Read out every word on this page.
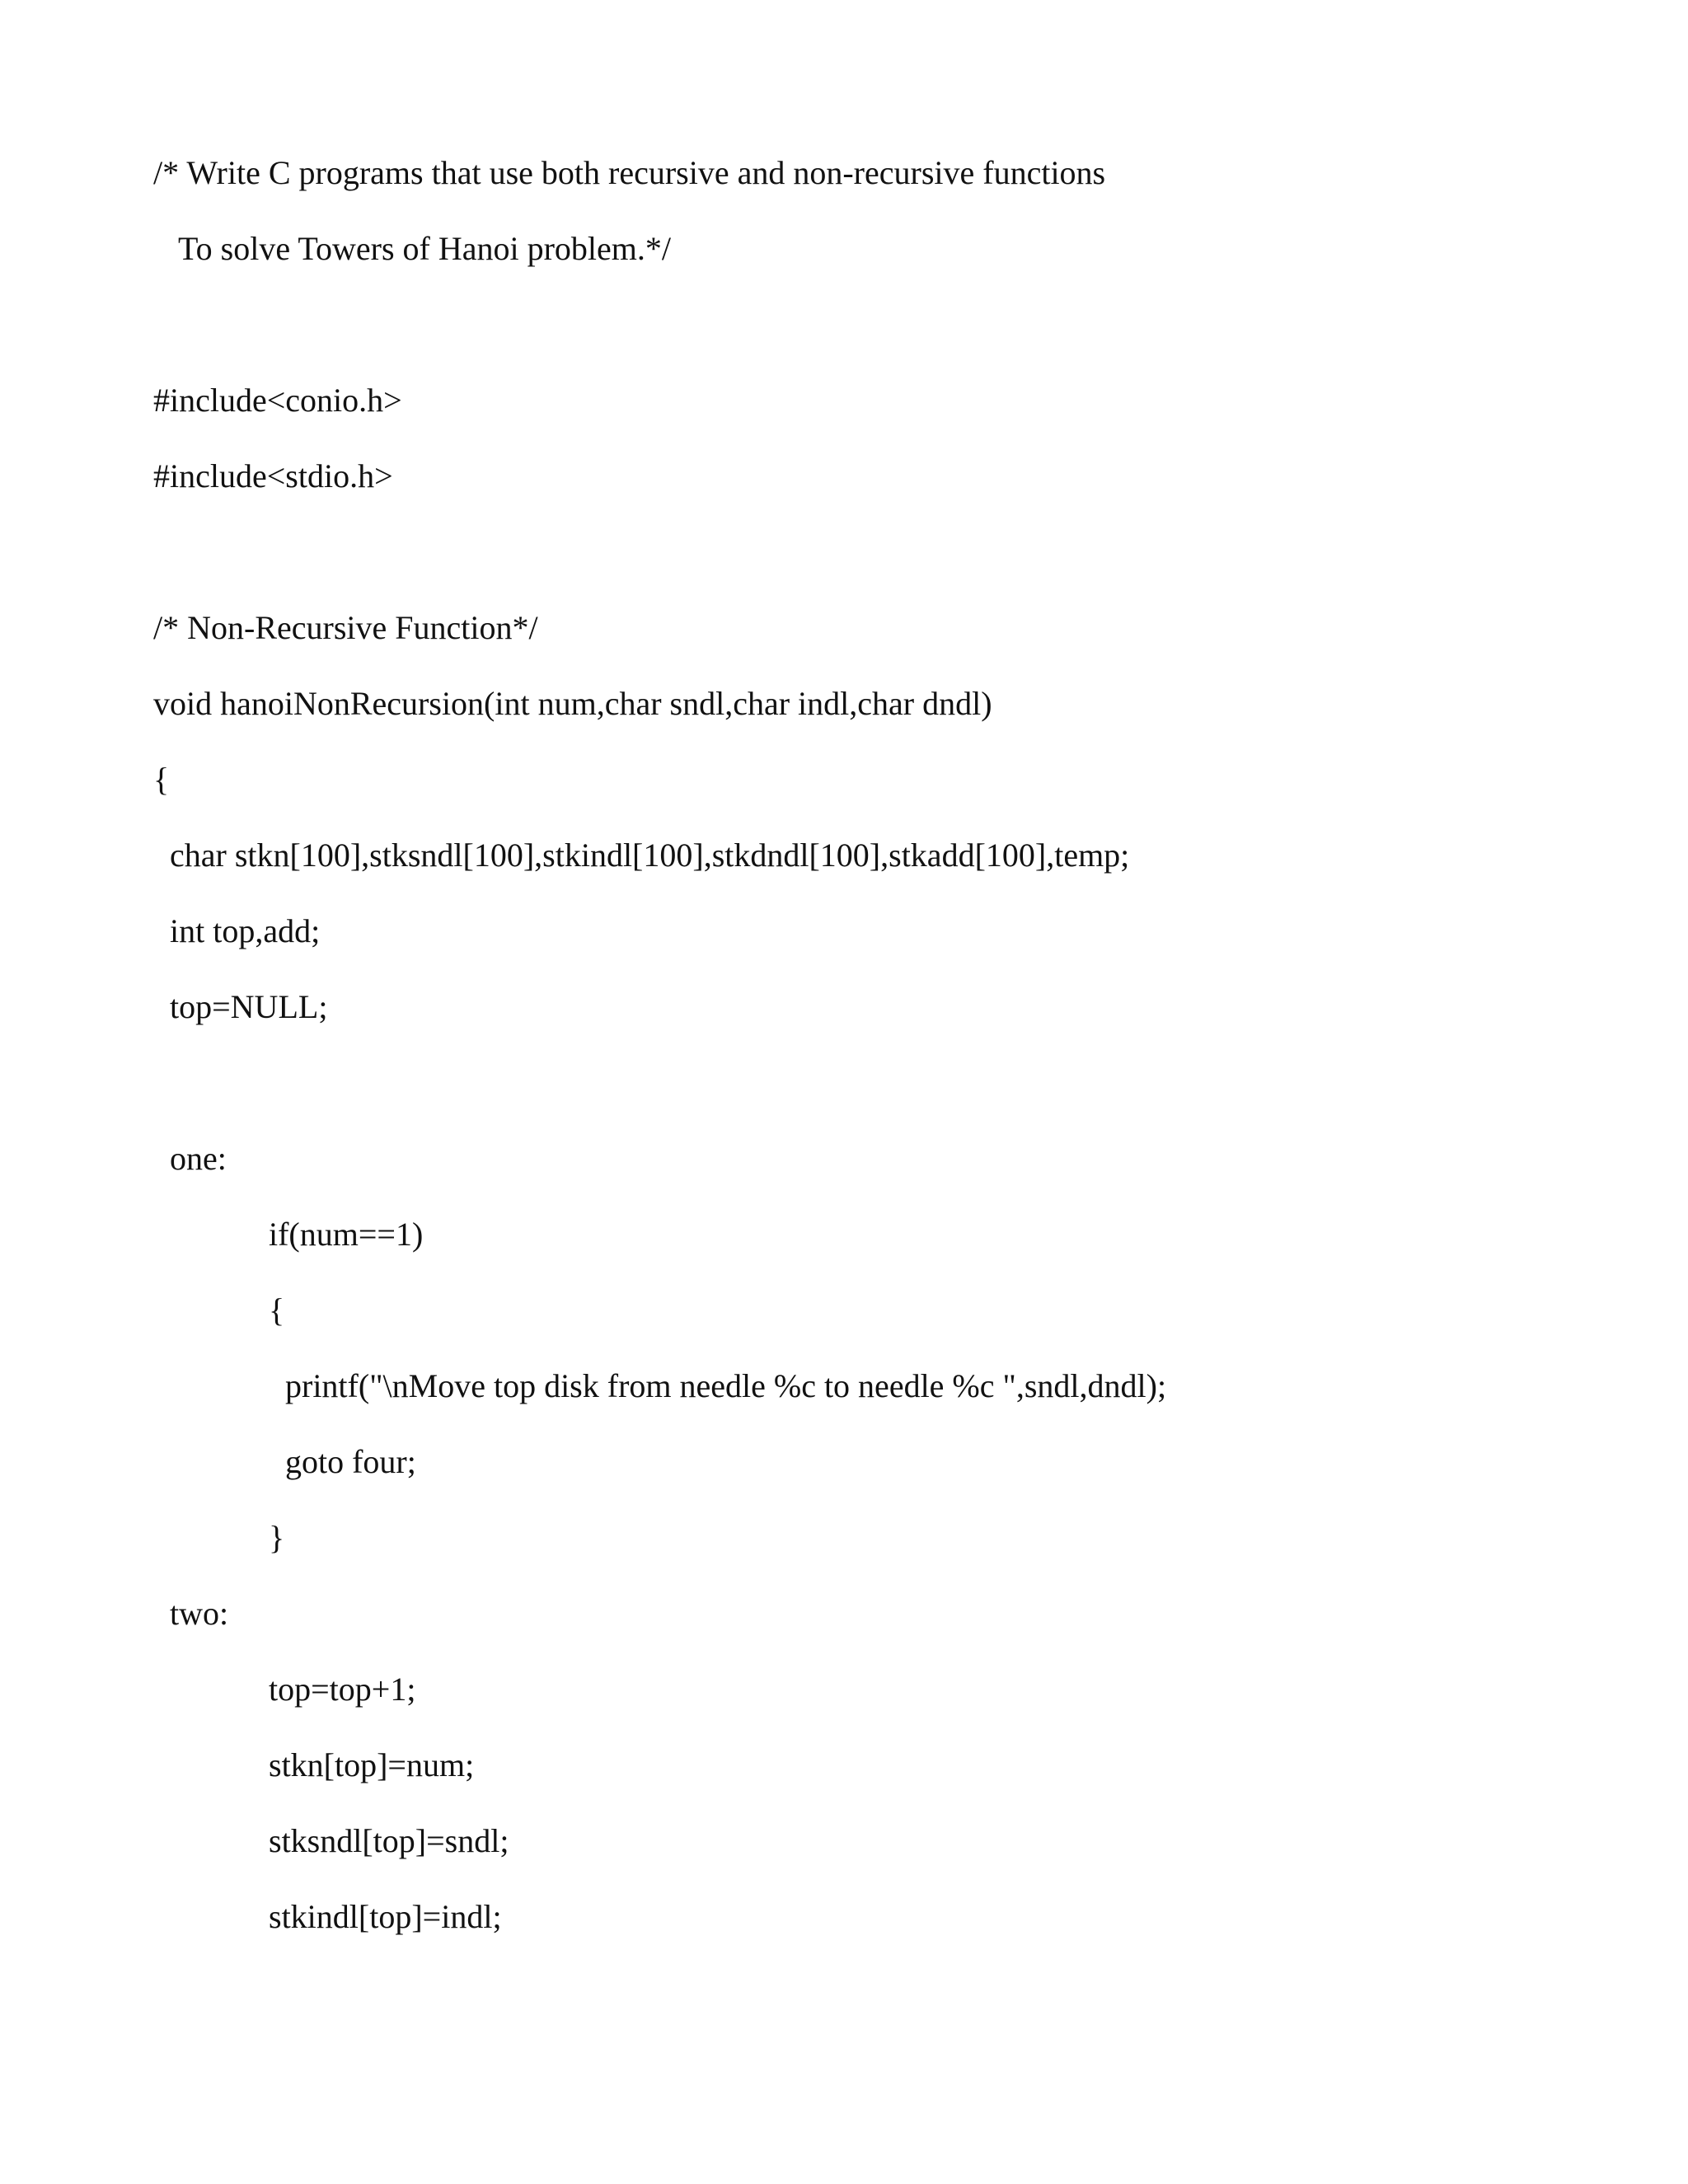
/* Write C programs that use both recursive and non-recursive functions
To solve Towers of Hanoi problem.*/
#include<conio.h>
#include<stdio.h>
/* Non-Recursive Function*/
void hanoiNonRecursion(int num,char sndl,char indl,char dndl)
{
char stkn[100],stksndl[100],stkindl[100],stkdndl[100],stkadd[100],temp;
int top,add;
top=NULL;
one:
if(num==1)
{
printf("\nMove top disk from needle %c to needle %c ",sndl,dndl);
goto four;
}
two:
top=top+1;
stkn[top]=num;
stksndl[top]=sndl;
stkindl[top]=indl;
